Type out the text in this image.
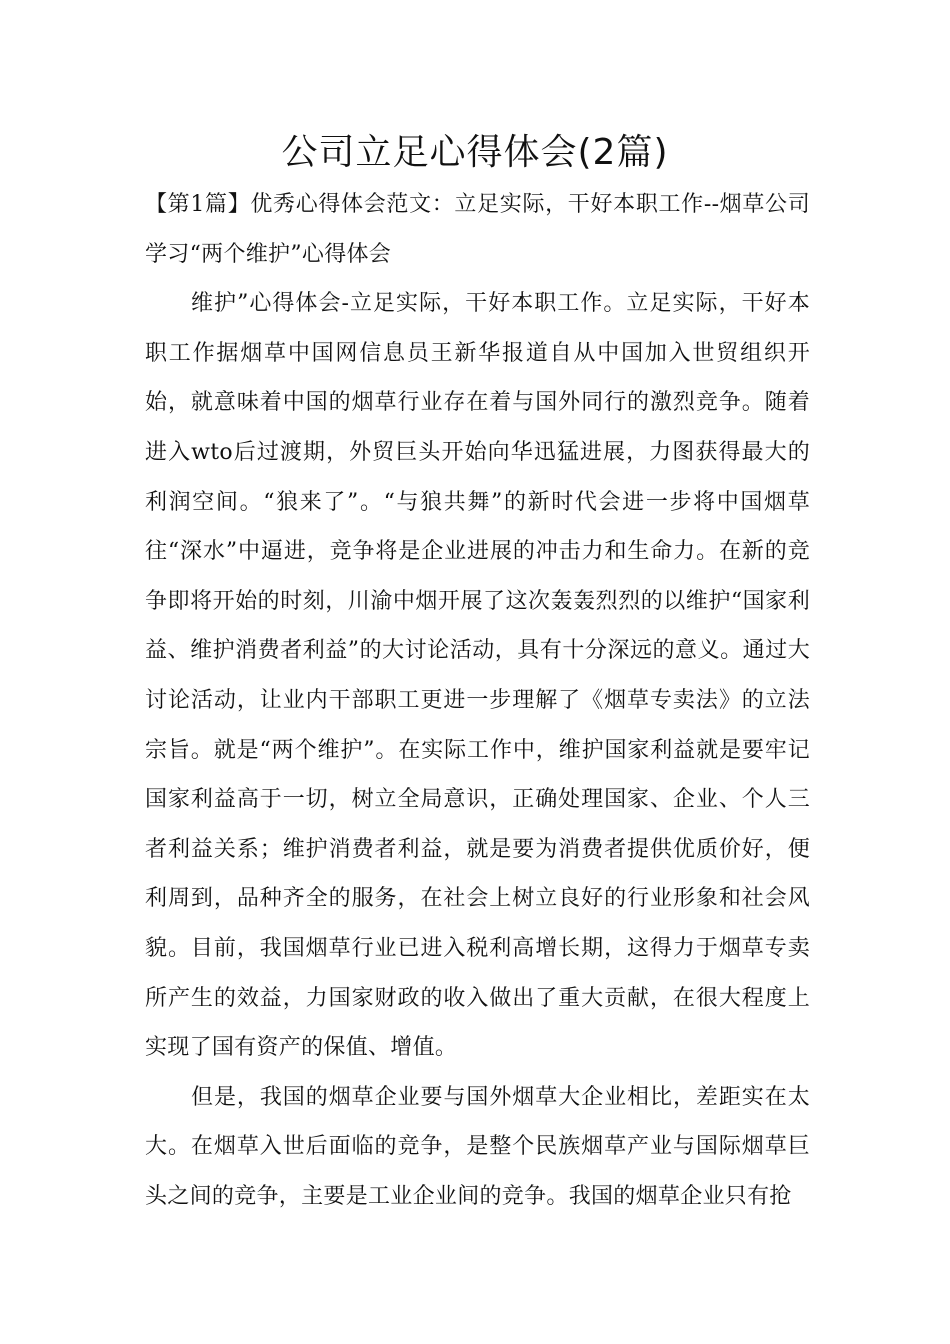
公司立足心得体会(2篇)

【第1篇】优秀心得体会范文：立足实际，干好本职工作--烟草公司学习“两个维护”心得体会

维护”心得体会-立足实际，干好本职工作。立足实际，干好本职工作据烟草中国网信息员王新华报道自从中国加入世贸组织开始，就意味着中国的烟草行业存在着与国外同行的激烈竞争。随着进入wto后过渡期，外贸巨头开始向华迅猛进展，力图获得最大的利润空间。“狼来了”。“与狼共舞”的新时代会进一步将中国烟草往“深水”中逼进，竞争将是企业进展的冲击力和生命力。在新的竞争即将开始的时刻，川渝中烟开展了这次轰轰烈烈的以维护“国家利益、维护消费者利益”的大讨论活动，具有十分深远的意义。通过大讨论活动，让业内干部职工更进一步理解了《烟草专卖法》的立法宗旨。就是“两个维护”。在实际工作中，维护国家利益就是要牢记国家利益高于一切，树立全局意识，正确处理国家、企业、个人三者利益关系；维护消费者利益，就是要为消费者提供优质价好，便利周到，品种齐全的服务，在社会上树立良好的行业形象和社会风貌。目前，我国烟草行业已进入税利高增长期，这得力于烟草专卖所产生的效益，力国家财政的收入做出了重大贡献，在很大程度上实现了国有资产的保值、增值。

但是，我国的烟草企业要与国外烟草大企业相比，差距实在太大。在烟草入世后面临的竞争，是整个民族烟草产业与国际烟草巨头之间的竞争，主要是工业企业间的竞争。我国的烟草企业只有抢
